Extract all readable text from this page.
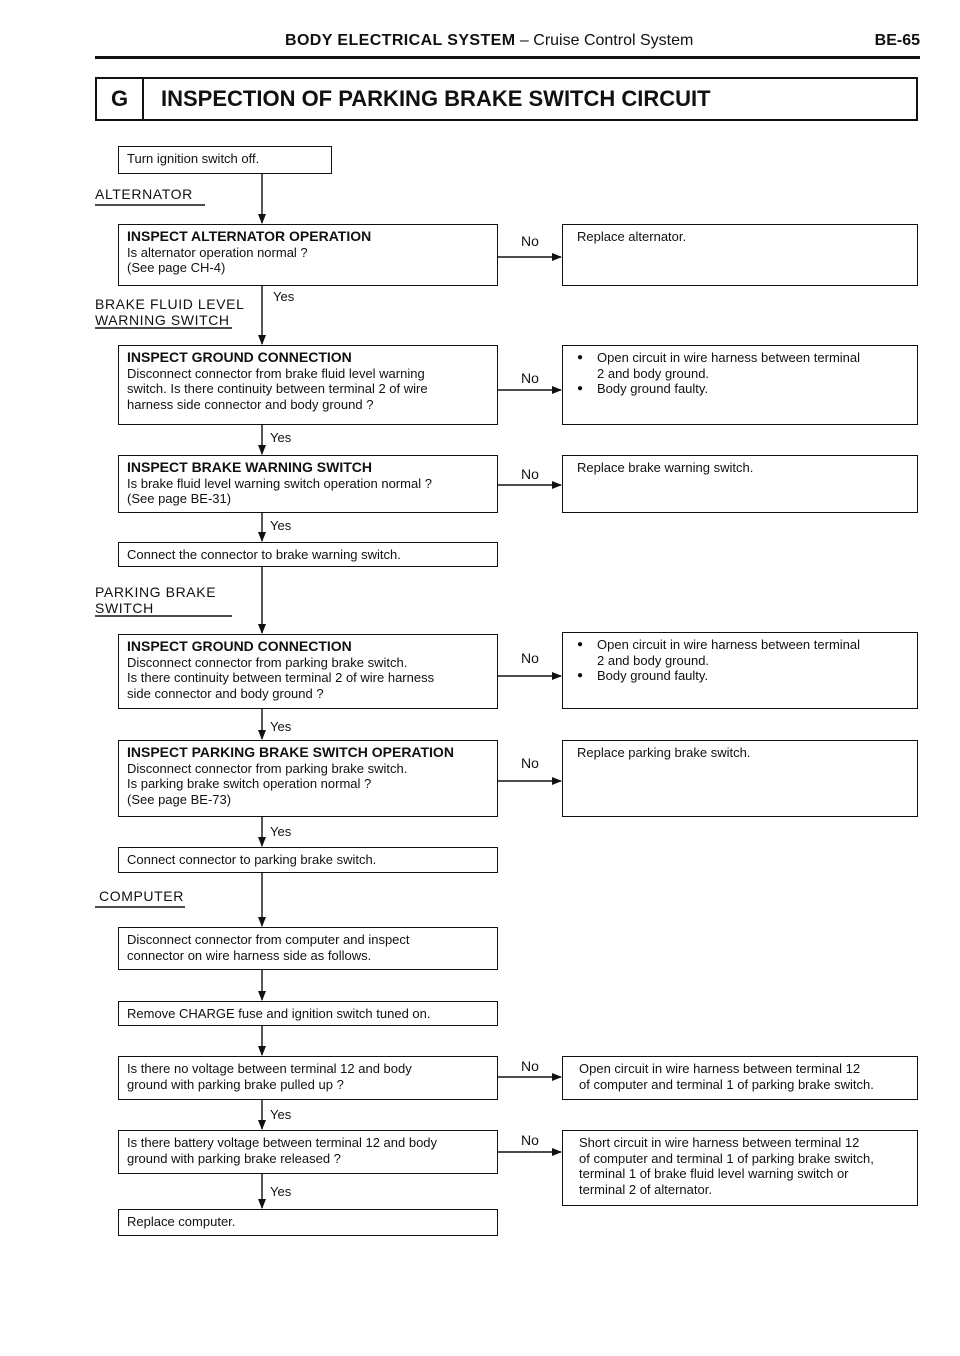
BODY ELECTRICAL SYSTEM – Cruise Control System	BE-65
G	INSPECTION OF PARKING BRAKE SWITCH CIRCUIT
ALTERNATOR
BRAKE FLUID LEVEL
WARNING SWITCH
PARKING BRAKE
SWITCH
COMPUTER
Turn ignition switch off.
INSPECT ALTERNATOR OPERATION
Is alternator operation normal ?
(See page CH-4)
INSPECT GROUND CONNECTION
Disconnect connector from brake fluid level warning
switch. Is there continuity between terminal 2 of wire
harness side connector and body ground ?
INSPECT BRAKE WARNING SWITCH
Is brake fluid level warning switch operation normal ?
(See page BE-31)
Connect the connector to brake warning switch.
INSPECT GROUND CONNECTION
Disconnect connector from parking brake switch.
Is there continuity between terminal 2 of wire harness
side connector and body ground ?
INSPECT PARKING BRAKE SWITCH OPERATION
Disconnect connector from parking brake switch.
Is parking brake switch operation normal ?
(See page BE-73)
Connect connector to parking brake switch.
Disconnect connector from computer and inspect
connector on wire harness side as follows.
Remove CHARGE fuse and ignition switch tuned on.
Is there no voltage between terminal 12 and body
ground with parking brake pulled up ?
Is there battery voltage between terminal 12 and body
ground with parking brake released ?
Replace computer.
Replace alternator.
● Open circuit in wire harness between terminal
2 and body ground.
● Body ground faulty.
Replace brake warning switch.
● Open circuit in wire harness between terminal
2 and body ground.
● Body ground faulty.
Replace parking brake switch.
Open circuit in wire harness between terminal 12
of computer and terminal 1 of parking brake switch.
Short circuit in wire harness between terminal 12
of computer and terminal 1 of parking brake switch,
terminal 1 of brake fluid level warning switch or
terminal 2 of alternator.
Yes
Yes
Yes
Yes
Yes
Yes
Yes
No
No
No
No
No
No
No
